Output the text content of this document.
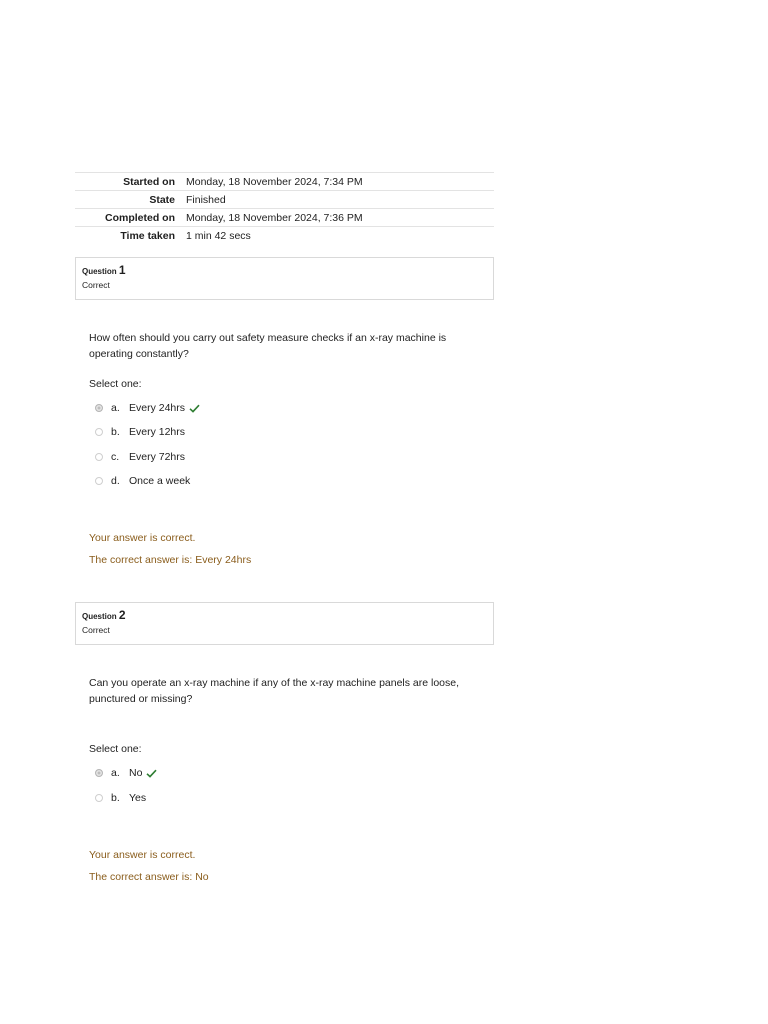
Started on	Monday, 18 November 2024, 7:34 PM
State	Finished
Completed on	Monday, 18 November 2024, 7:36 PM
Time taken	1 min 42 secs
Question 1
Correct
How often should you carry out safety measure checks if an x-ray machine is operating constantly?
Select one:
a. Every 24hrs
b. Every 12hrs
c. Every 72hrs
d. Once a week
Your answer is correct.
The correct answer is: Every 24hrs
Question 2
Correct
Can you operate an x-ray machine if any of the x-ray machine panels are loose, punctured or missing?
Select one:
a. No
b. Yes
Your answer is correct.
The correct answer is: No
